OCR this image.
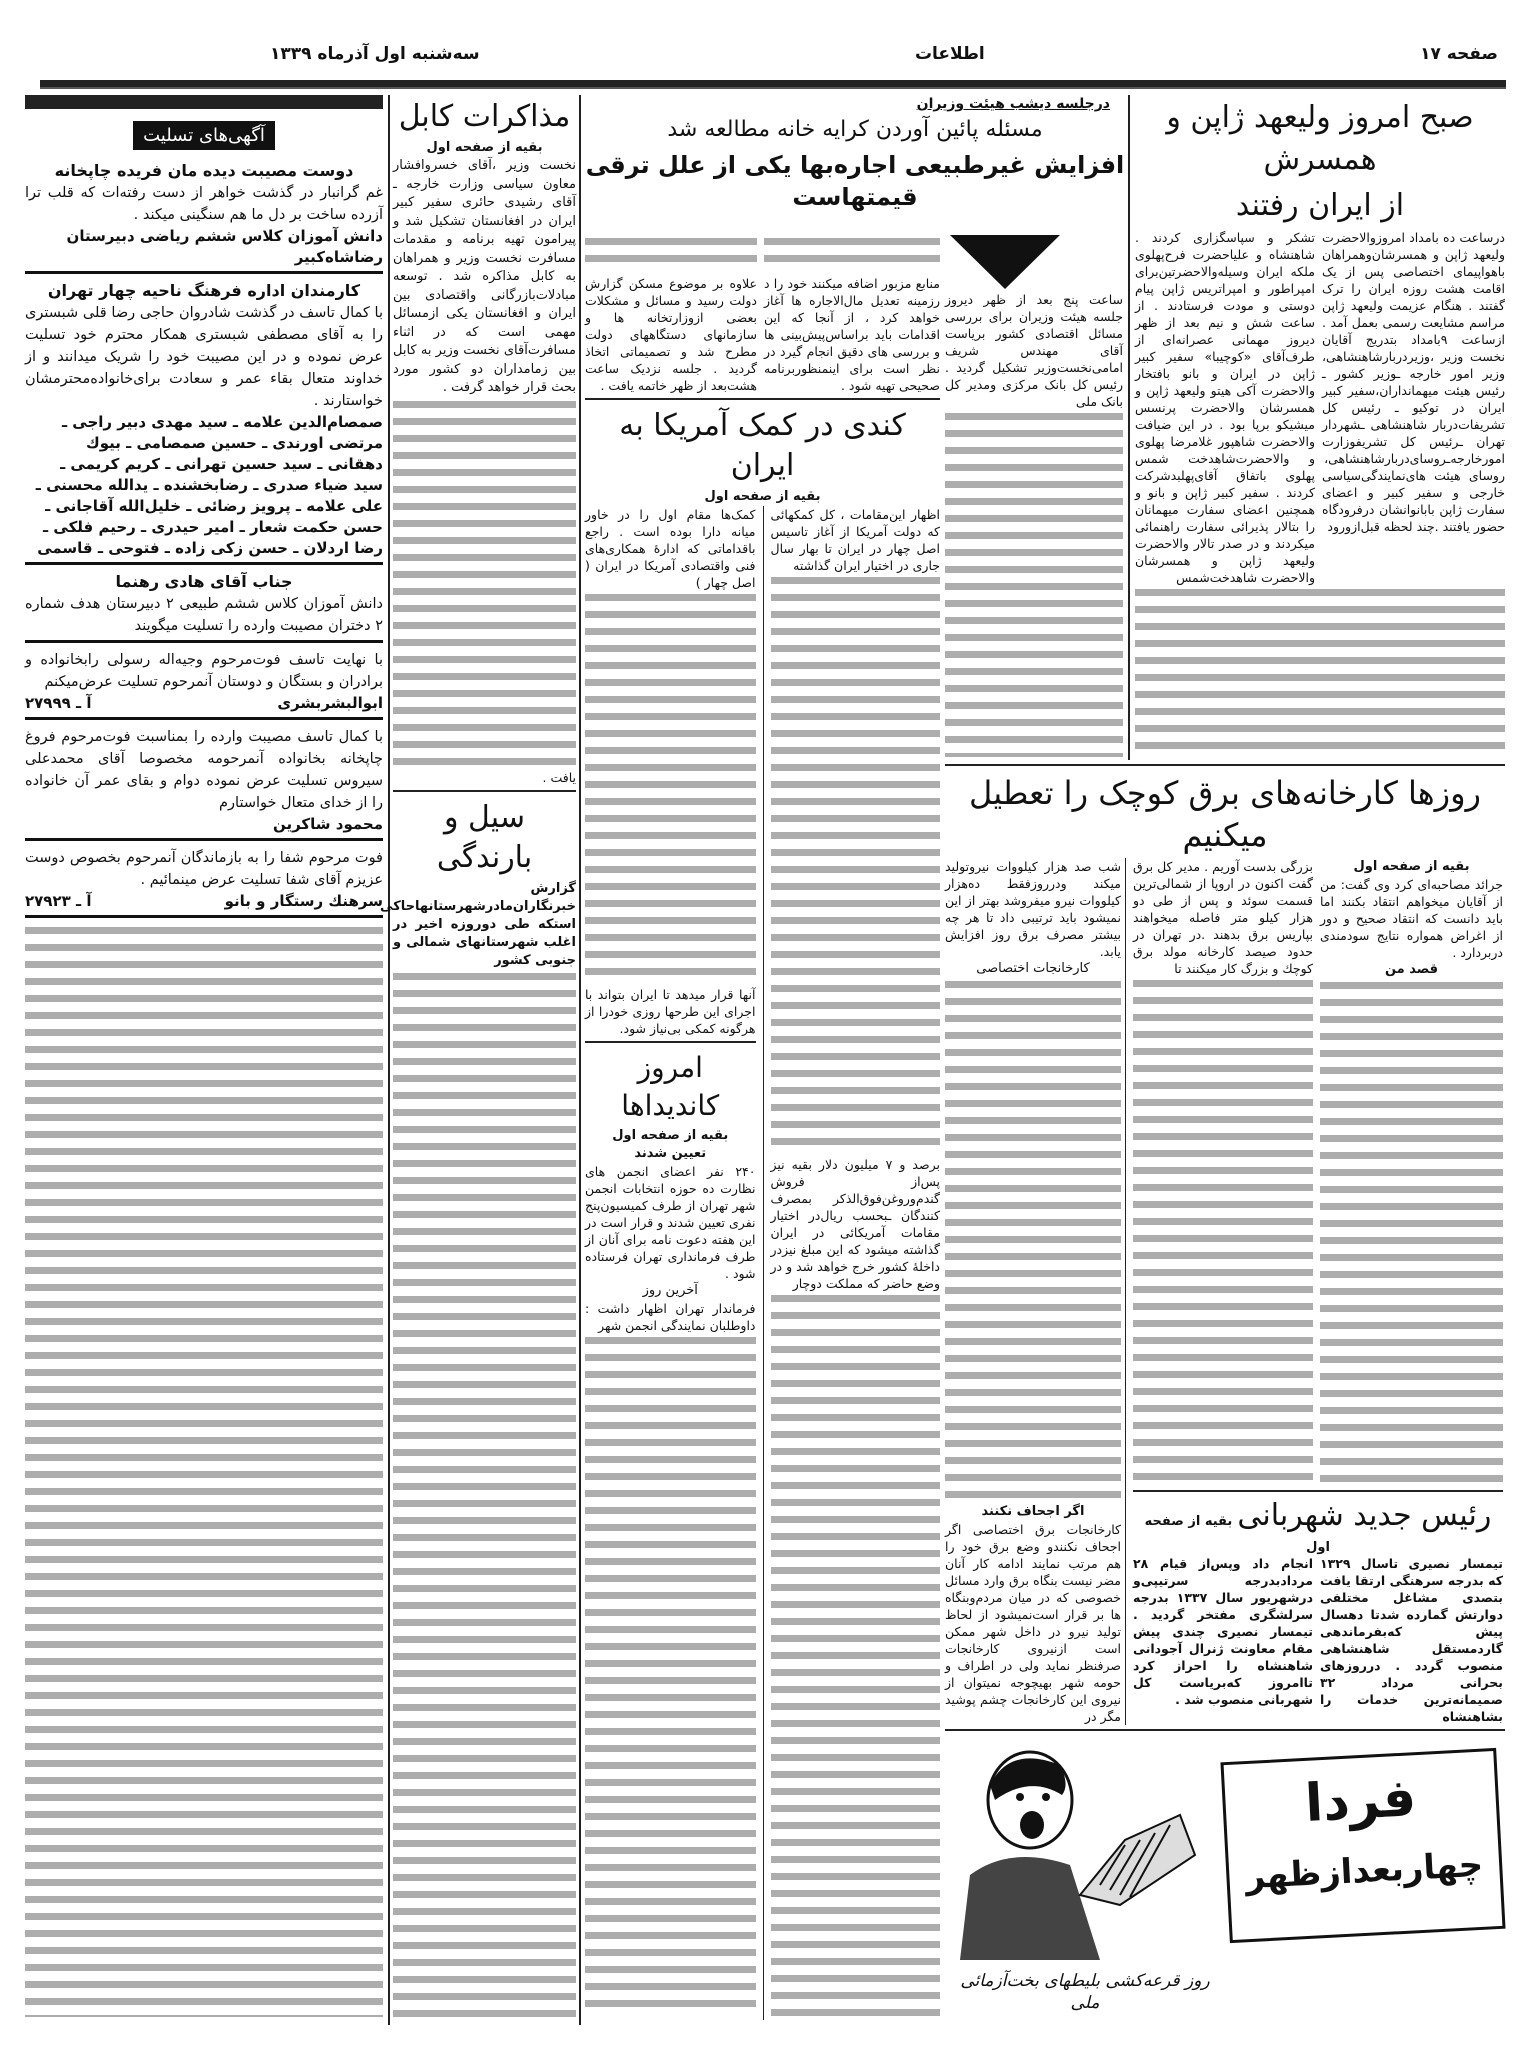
سه‌شنبه اول آذرماه ۱۳۳۹	اطلاعات	صفحه ۱۷
آگهی‌های تسلیت
دوست مصیبت دیده مان فریده چاپخانه
غم گرانبار در گذشت خواهر از دست رفته‌ات که قلب ترا آزرده ساخت بر دل ما هم سنگینی میکند .
دانش آموزان کلاس ششم ریاضی دبیرستان رضاشاه‌کبیر
کارمندان اداره فرهنگ ناحیه چهار تهران
با کمال تاسف در گذشت شادروان حاجی رضا قلی شبستری را به آقای مصطفی شبستری همکار محترم خود تسلیت عرض نموده و در این مصیبت خود را شریک میدانند و از خداوند متعال بقاء عمر و سعادت برای‌خانواده‌محترمشان خواستارند .
صمصام‌الدین علامه ـ سید مهدی دبیر راجی ـ مرتضی اورندی ـ حسین صمصامی ـ بیوك دهقانی ـ سید حسین تهرانی ـ کریم کریمی ـ سید ضیاء صدری ـ رضابخشنده ـ یدالله محسنی ـ علی علامه ـ پرویز رضائی ـ خلیل‌الله آقاجانی ـ حسن حکمت شعار ـ امیر حیدری ـ رحیم فلکی ـ رضا اردلان ـ حسن زکی زاده ـ فتوحی ـ قاسمی
جناب آقای هادی رهنما
دانش آموزان کلاس ششم طبیعی ۲ دبیرستان هدف شماره ۲ دختران مصیبت وارده را تسلیت میگویند
با نهایت تاسف فوت‌مرحوم وجیه‌اله رسولی رابخانواده و برادران و بستگان و دوستان آنمرحوم تسلیت عرض‌میکنم
ابوالبشربشری
آ ـ ۲۷۹۹۹
با کمال تاسف مصیبت وارده را بمناسبت فوت‌مرحوم فروغ چاپخانه بخانواده آنمرحومه مخصوصا آقای محمدعلی سیروس تسلیت عرض نموده دوام و بقای عمر آن خانواده را از خدای متعال خواستارم
محمود شاکرین
فوت مرحوم شفا را به بازماندگان آنمرحوم بخصوص دوست عزیزم آقای شفا تسلیت عرض مینمائیم .
سرهنك رستگار و بانو
آ ـ ۲۷۹۲۳
مذاکرات کابل
بقیه از صفحه اول
نخست وزیر ،آقای خسروافشار معاون سیاسی وزارت خارجه ـ آقای رشیدی حائری سفیر کبیر ایران در افغانستان تشکیل شد و پیرامون تهیه برنامه و مقدمات مسافرت نخست وزیر و همراهان به کابل مذاکره شد . توسعه مبادلات‌بازرگانی واقتصادی بین ایران و افغانستان یکی ازمسائل مهمی است که در اثناء مسافرت‌آقای نخست وزیر به کابل بین زمامداران دو کشور مورد بحث قرار خواهد گرفت .
یافت .
سیل و بارندگی
گزارش خبرنگاران‌مادرشهرستانهاحاکی استکه طی دوروزه اخیر در اغلب شهرستانهای شمالی و جنوبی کشور
درجلسه دیشب هیئت وزیران
مسئله پائین آوردن کرایه خانه مطالعه شد
افزایش غیرطبیعی اجاره‌بها یکی از علل ترقی قیمتهاست
علاوه بر موضوع مسکن گزارش دولت رسید و مسائل و مشکلات بعضی ازوزارتخانه ها و سازمانهای دستگاههای دولت مطرح شد و تصمیماتی اتخاذ گردید . جلسه نزدیک ساعت هشت‌بعد از ظهر خاتمه یافت .
منابع مزبور اضافه میکنند خود را د رزمینه تعدیل مال‌الاجاره ها آغاز خواهد کرد ، از آنجا که این اقدامات باید براساس‌پیش‌بینی ها و بررسی های دقیق انجام گیرد در نظر است برای اینمنظوربرنامه صحیحی تهیه شود .
کندی در کمک آمریکا به ایران
بقیه از صفحه اول
کمک‌ها مقام اول را در خاور میانه دارا بوده است . راجع باقداماتی که ادارهٔ همکاری‌های فنی واقتصادی آمریکا در ایران ( اصل چهار )
آنها قرار میدهد تا ایران بتواند با اجرای این طرحها روزی خودرا از هرگونه کمکی بی‌نیاز شود.
امروز کاندیداها
بقیه از صفحه اول
تعیین شدند
۲۴۰ نفر اعضای انجمن های نظارت ده حوزه انتخابات انجمن شهر تهران از طرف کمیسیون‌پنج نفری تعیین شدند و قرار است در این هفته دعوت نامه برای آنان از طرف فرمانداری تهران فرستاده شود .
آخرین روز
فرماندار تهران اظهار داشت : داوطلبان نمایندگی انجمن شهر
اظهار این‌مقامات ، کل کمکهائی که دولت آمریکا از آغاز تاسیس اصل چهار در ایران تا بهار سال جاری در اختیار ایران گذاشته
برصد و ۷ میلیون دلار بقیه نیز پس‌از فروش گندم‌وروغن‌فوق‌الذکر بمصرف کنندگان ـبحسب ریال‌در اختیار مقامات آمریکائی در ایران گذاشته میشود که این مبلغ نیزدر داخلهٔ کشور خرج خواهد شد و در وضع حاضر که مملکت دوچار
ساعت پنج بعد از ظهر دیروز جلسه هیئت وزیران برای بررسی مسائل اقتصادی کشور بریاست آقای مهندس شریف امامی‌نخست‌وزیر تشکیل گردید . رئیس کل بانک مرکزی ومدیر کل بانک ملی
صبح امروز ولیعهد ژاپن و همسرش
از ایران رفتند
تشکر و سپاسگزاری کردند . شاهنشاه و علیاحضرت فرح‌پهلوی ملکه ایران وسیله‌والاحضرتین‌برای امپراطور و امپراتریس ژاپن پیام دوستی و مودت فرستادند . از ساعت شش و نیم بعد از ظهر دیروز مهمانی عصرانه‌ای از طرف‌آقای «کوچیبا» سفیر کبیر ژاپن در ایران و بانو بافتخار والاحضرت آکی هیتو ولیعهد ژاپن و همسرشان والاحضرت پرنسس میشیکو برپا بود . در این ضیافت والاحضرت شاهپور غلامرضا پهلوی و والاحضرت‌شاهدخت شمس پهلوی باتفاق آقای‌پهلبدشرکت کردند . سفیر کبیر ژاپن و بانو و همچنین اعضای سفارت میهمانان را بتالار پذیرائی سفارت راهنمائی میکردند و در صدر تالار والاحضرت ولیعهد ژاپن و همسرشان والاحضرت شاهدخت‌شمس
درساعت ده بامداد امروزوالاحضرت ولیعهد ژاپن و همسرشان‌وهمراهان باهواپیمای اختصاصی پس از یک اقامت هشت روزه ایران را ترک گفتند . هنگام عزیمت ولیعهد ژاپن مراسم مشایعت رسمی بعمل آمد . ازساعت ۹بامداد بتدریج آقایان نخست وزیر ،وزیردربارشاهنشاهی، وزیر امور خارجه ـوزیر کشور ـ رئیس هیئت میهمانداران،سفیر کبیر ایران در توکیو ـ رئیس کل تشریفات‌دربار شاهنشاهی ـشهردار تهران ـرئیس کل تشریفوزارت امورخارجه‌ـروسای‌دربارشاهنشاهی، روسای هیئت های‌نمایندگی‌سیاسی خارجی و سفیر کبیر و اعضای سفارت ژاپن بابانوانشان درفرودگاه حضور یافتند .چند لحظه قبل‌ازورود
روزها کارخانه‌های برق کوچک را تعطیل میکنیم
شب صد هزار کیلووات نیروتولید میکند ودرروزفقط ده‌هزار کیلووات نیرو میفروشد بهتر از این نمیشود باید ترتیبی داد تا هر چه بیشتر مصرف برق روز افزایش یابد.
کارخانجات اختصاصی
اگر اجحاف نکنند
کارخانجات برق اختصاصی اگر اجحاف نکنند‌و وضع برق خود را هم مرتب نمایند ادامه کار آنان مضر نیست بنگاه برق وارد مسائل خصوصی که در میان مردم‌وبنگاه ها بر قرار است‌نمیشود از لحاظ تولید نیرو در داخل شهر ممکن است ازنیروی کارخانجات صرفنظر نماید ولی در اطراف و حومه شهر بهیچوجه نمیتوان از نیروی این کارخانجات چشم پوشید مگر در
بزرگی بدست آوریم . مدیر کل برق گفت اکنون در اروپا از شمالی‌ترین قسمت سوئد و پس از طی دو هزار کیلو متر فاصله میخواهند بپاریس برق بدهند .در تهران در حدود صیصد کارخانه مولد برق کوچك و بزرگ کار میکنند تا
بقیه از صفحه اول
جرائد مصاحبه‌ای کرد وی گفت: من از آقایان میخواهم انتقاد بکنند اما باید دانست که انتقاد صحیح و دور از اغراض همواره نتایج سودمندی دربردارد .
قصد من
رئیس جدید شهربانی بقیه از صفحه اول
انجام داد وپس‌از قیام ۲۸ مردادبدرجه سرتیپی‌و درشهریور سال ۱۳۳۷ بدرجه سرلشگری مفتخر گردید . تیمسار نصیری چندی پیش مقام معاونت ژنرال آجودانی شاهنشاه را احراز کرد تاامروز که‌بریاست کل شهربانی منصوب شد .
تیمسار نصیری تاسال ۱۳۲۹ که بدرجه سرهنگی ارتقا یافت بتصدی مشاغل مختلفی دوارتش گمارده شدتا دهسال پیش که‌بفرماندهی گاردمستقل شاهنشاهی منصوب گردد . درروزهای بحرانی مرداد ۳۲ صمیمانه‌ترین خدمات را بشاهنشاه
فردا
چهاربعدازظهر
روز قرعه‌کشی بلیطهای بخت‌آزمائی ملی
